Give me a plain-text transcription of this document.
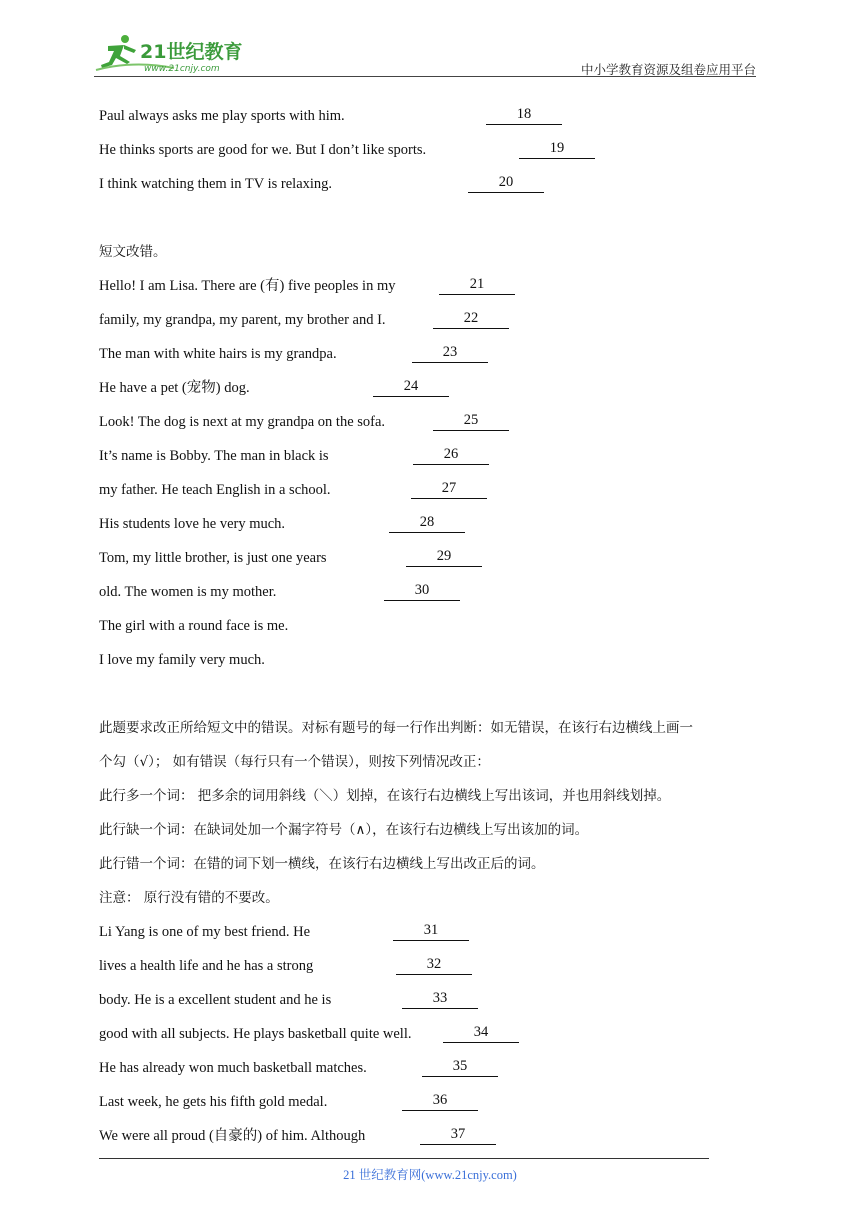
21世纪教育
www.21cnjy.com	中小学教育资源及组卷应用平台
Paul always asks me play sports with him.	18
He thinks sports are good for we. But I don’t like sports.	19
I think watching them in TV is relaxing.	20
短文改错。
Hello! I am Lisa. There are (有) five peoples in my	21
family, my grandpa, my parent, my brother and I.	22
The man with white hairs is my grandpa.	23
He have a pet (宠物) dog.	24
Look! The dog is next at my grandpa on the sofa.	25
It’s name is Bobby. The man in black is	26
my father. He teach English in a school.	27
His students love he very much.	28
Tom, my little brother, is just one years	29
old. The women is my mother.	30
The girl with a round face is me.
I love my family very much.
此题要求改正所给短文中的错误。对标有题号的每一行作出判断：如无错误，在该行右边横线上画一
个勾（√）； 如有错误（每行只有一个错误），则按下列情况改正：
此行多一个词： 把多余的词用斜线（＼）划掉，在该行右边横线上写出该词，并也用斜线划掉。
此行缺一个词：在缺词处加一个漏字符号（∧），在该行右边横线上写出该加的词。
此行错一个词：在错的词下划一横线，在该行右边横线上写出改正后的词。
注意： 原行没有错的不要改。
Li Yang is one of my best friend. He	31
lives a health life and he has a strong	32
body. He is a excellent student and he is	33
good with all subjects. He plays basketball quite well.	34
He has already won much basketball matches.	35
Last week, he gets his fifth gold medal.	36
We were all proud (自豪的) of him. Although	37
21 世纪教育网(www.21cnjy.com)
